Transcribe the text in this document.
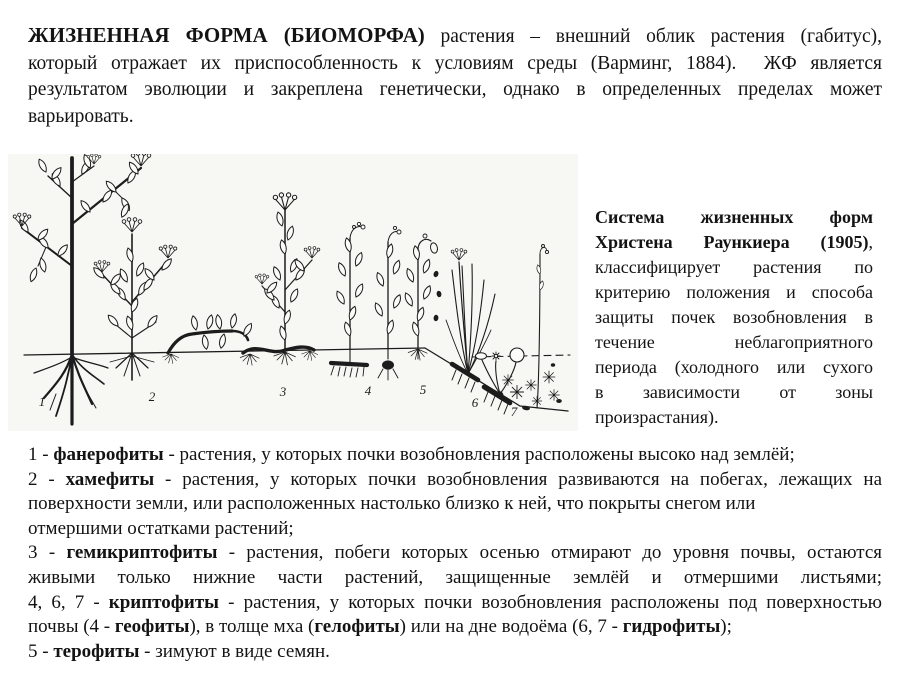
ЖИЗНЕННАЯ ФОРМА (БИОМОРФА) растения – внешний облик растения (габитус),
который отражает их приспособленность к условиям среды (Варминг, 1884).  ЖФ является
результатом эволюции и закреплена генетически, однако в определенных пределах может
варьировать.
1	2	3	4	5
6
7
Система жизненных форм
Христена Раункиера (1905),
классифицирует растения по
критерию положения и способа
защиты почек возобновления в
течение неблагоприятного
периода (холодного или сухого
в зависимости от зоны
произрастания).
1 - фанерофиты - растения, у которых почки возобновления расположены высоко над землёй;
2 - хамефиты - растения, у которых почки возобновления развиваются на побегах, лежащих на
поверхности земли, или расположенных настолько близко к ней, что покрыты снегом или
отмершими остатками растений;
3 - гемикриптофиты - растения, побеги которых осенью отмирают до уровня почвы, остаются
живыми только нижние части растений, защищенные землёй и отмершими листьями;
4, 6, 7 - криптофиты - растения, у которых почки возобновления расположены под поверхностью
почвы (4 - геофиты), в толще мха (гелофиты) или на дне водоёма (6, 7 - гидрофиты);
5 - терофиты - зимуют в виде семян.
